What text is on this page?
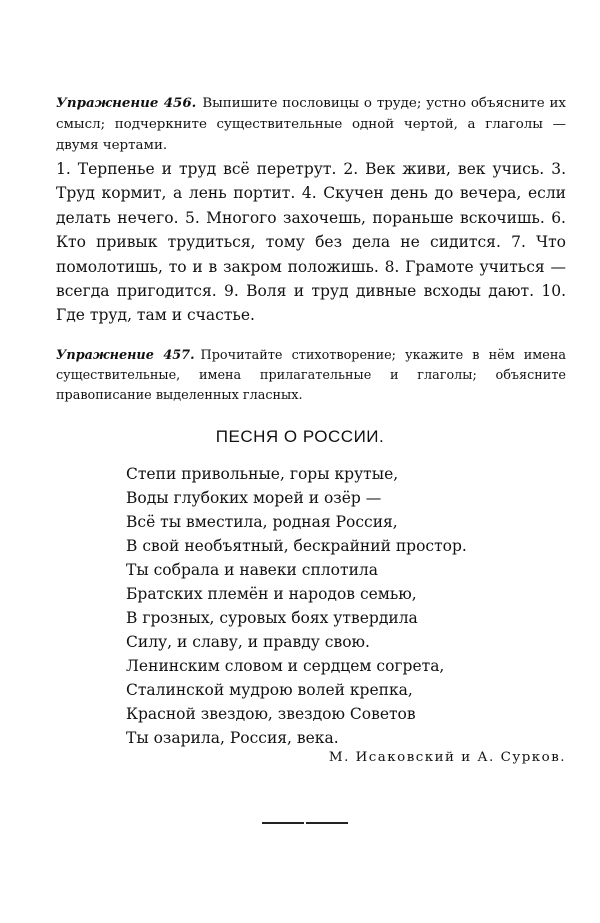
Упражнение 456. Выпишите пословицы о труде; устно объясните их смысл; подчеркните существительные одной чертой, а глаголы — двумя чертами.
1. Терпенье и труд всё перетрут. 2. Век живи, век учись. 3. Труд кормит, а лень портит. 4. Скучен день до вечера, если делать нечего. 5. Многого захочешь, пораньше вскочишь. 6. Кто привык трудиться, тому без дела не сидится. 7. Что помолотишь, то и в закром положишь. 8. Грамоте учиться — всегда пригодится. 9. Воля и труд дивные всходы дают. 10. Где труд, там и счастье.
Упражнение 457. Прочитайте стихотворение; укажите в нём имена существительные, имена прилагательные и глаголы; объясните правописание выделенных гласных.
ПЕСНЯ О РОССИИ.
Степи привольные, горы крутые,
Воды глубоких морей и озёр —
Всё ты вместила, родная Россия,
В свой необъятный, бескрайний простор.
Ты собрала и навеки сплотила
Братских племён и народов семью,
В грозных, суровых боях утвердила
Силу, и славу, и правду свою.
Ленинским словом и сердцем согрета,
Сталинской мудрою волей крепка,
Красной звездою, звездою Советов
Ты озарила, Россия, века.
М. Исаковский и А. Сурков.
